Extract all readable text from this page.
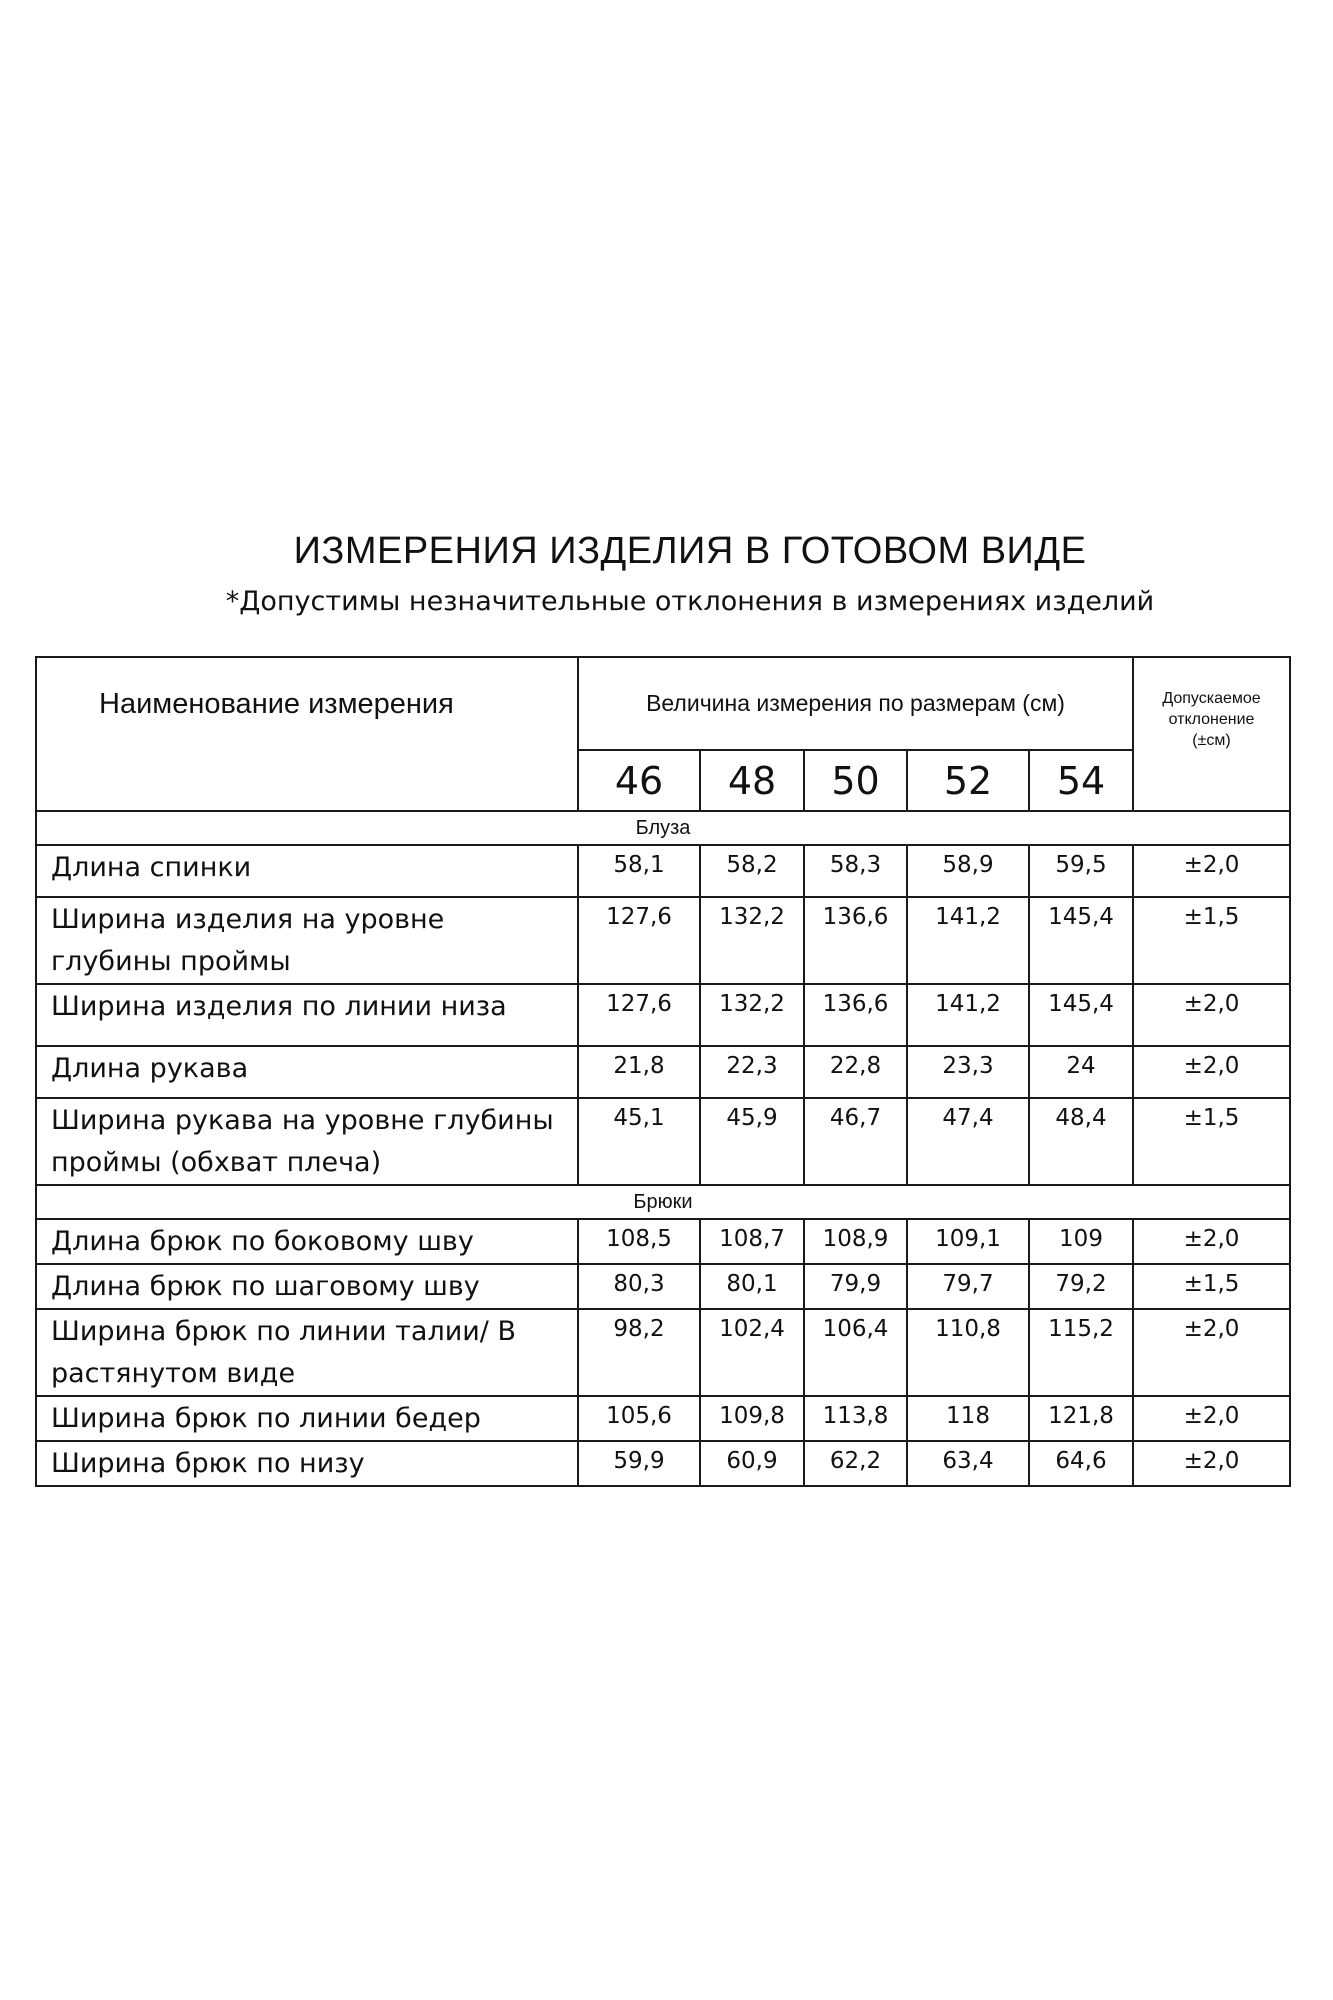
ИЗМЕРЕНИЯ ИЗДЕЛИЯ В ГОТОВОМ ВИДЕ
*Допустимы незначительные отклонения в измерениях изделий
Наименование измерения	Величина измерения по размерам (см)					Допускаемое
отклонение
(±см)

	46	48	50	52	54	
Блуза						
Длина спинки	58,1	58,2	58,3	58,9	59,5	±2,0
Ширина изделия на уровне глубины проймы	127,6	132,2	136,6	141,2	145,4	±1,5
Ширина изделия по линии низа	127,6	132,2	136,6	141,2	145,4	±2,0
Длина рукава	21,8	22,3	22,8	23,3	24	±2,0
Ширина рукава на уровне глубины проймы (обхват плеча)	45,1	45,9	46,7	47,4	48,4	±1,5
Брюки						
Длина брюк по боковому шву	108,5	108,7	108,9	109,1	109	±2,0
Длина брюк по шаговому шву	80,3	80,1	79,9	79,7	79,2	±1,5
Ширина брюк по линии талии/ В растянутом виде	98,2	102,4	106,4	110,8	115,2	±2,0
Ширина брюк по линии бедер	105,6	109,8	113,8	118	121,8	±2,0
Ширина брюк по низу	59,9	60,9	62,2	63,4	64,6	±2,0
